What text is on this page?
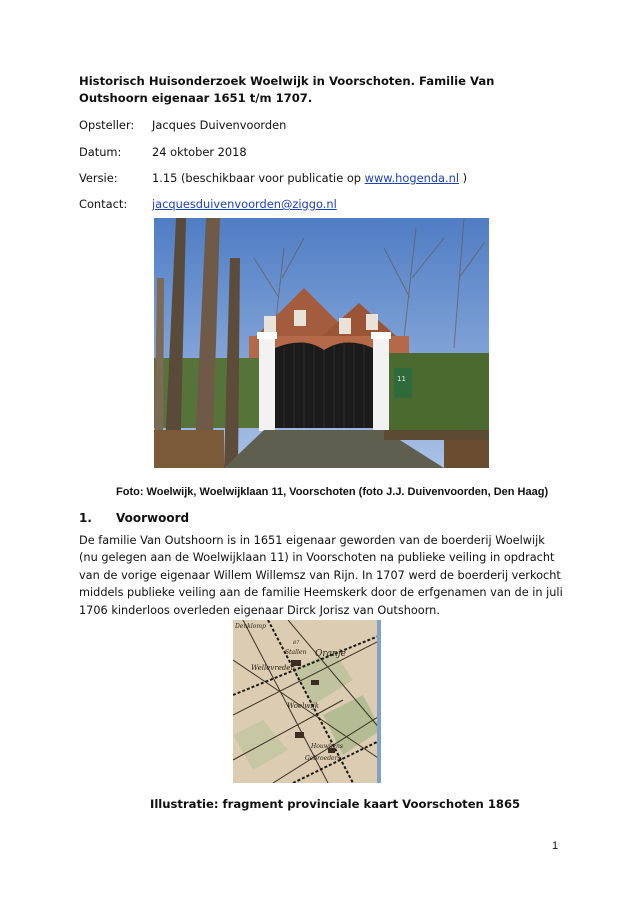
Historisch Huisonderzoek Woelwijk in Voorschoten. Familie Van Outshoorn eigenaar 1651 t/m 1707.
Opsteller: Jacques Duivenvoorden
Datum:	24 oktober 2018
Versie:	1.15 (beschikbaar voor publicatie op www.hogenda.nl )
Contact: jacquesduivenvoorden@ziggo.nl
11
Foto: Woelwijk, Woelwijklaan 11, Voorschoten (foto J.J. Duivenvoorden, Den Haag)
1. Voorwoord
De familie Van Outshoorn is in 1651 eigenaar geworden van de boerderij Woelwijk (nu gelegen aan de Woelwijklaan 11) in Voorschoten na publieke veiling in opdracht van de vorige eigenaar Willem Willemsz van Rijn. In 1707 werd de boerderij verkocht middels publieke veiling aan de familie Heemskerk door de erfgenamen van de in juli 1706 kinderloos overleden eigenaar Dirck Jorisz van Outshoorn.
Denklomp
Oranje
Stallen
Wellevreden
Woelwijk
Houwkens
Gebroeders
87
Illustratie: fragment provinciale kaart Voorschoten 1865
1
